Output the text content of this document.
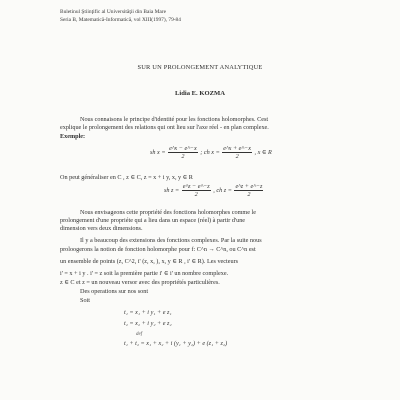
Buletinul Ştiinţific al Universităţii din Baia Mare
Seria B, Matematică-Informatică, vol XIII(1997), 79-84
SUR UN PROLONGEMENT ANALYTIQUE
Lidia E. KOZMA
Nous connaisons le principe d'identité pour les fonctions holomorphes. Cest
explique le prolongement des relations qui ont lieu sur l'axe réel - en plan complexe.
Exemple:
sh $x = \frac{e\^{}x - e\^{}-x}{2}$ ; ch $x = \frac{e\^{}x + e\^{}-x}{2}$ , x ∈ R
On peut généraliser en C , z ∈ C, z = x + i y, x, y ∈ R
sh $z = \frac{e\^{}z - e\^{}-z}{2}$ , ch $z = \frac{e\^{}z + e\^{}-z}{2}$
Nous envisageons cette propriété des fonctions holomorphes comme le
prolongement d'une propriéte qui a lieu dans un espace (réel) à partir d'une
dimension vers deux dimensions.
Il y a beaucoup des extensions des fonctions complexes. Par la suite nous
proloogerons la notion de fonction holomorphe pour f: C^n → C^n, ou C^n est
un ensemble de points (z, C^2, i' (z, x, ), x, y ∈ R , i' ∈ R). Les vecteurs
i' = x + i y . i' = z soit la première partie i' ∈ i' un nombre complexe.
z ∈ C et z = un nouveau versor avec des propriétés particulières.
Des operations sur nos sont
Soit
t₁ = x₁ + i y₁ + e z₁
t₂ = x₂ + i y₂ + e z₂
def
t₁ + t₂ = x₁ + x₂ + i (y₁ + y₂) + e (z₁ + z₂)
